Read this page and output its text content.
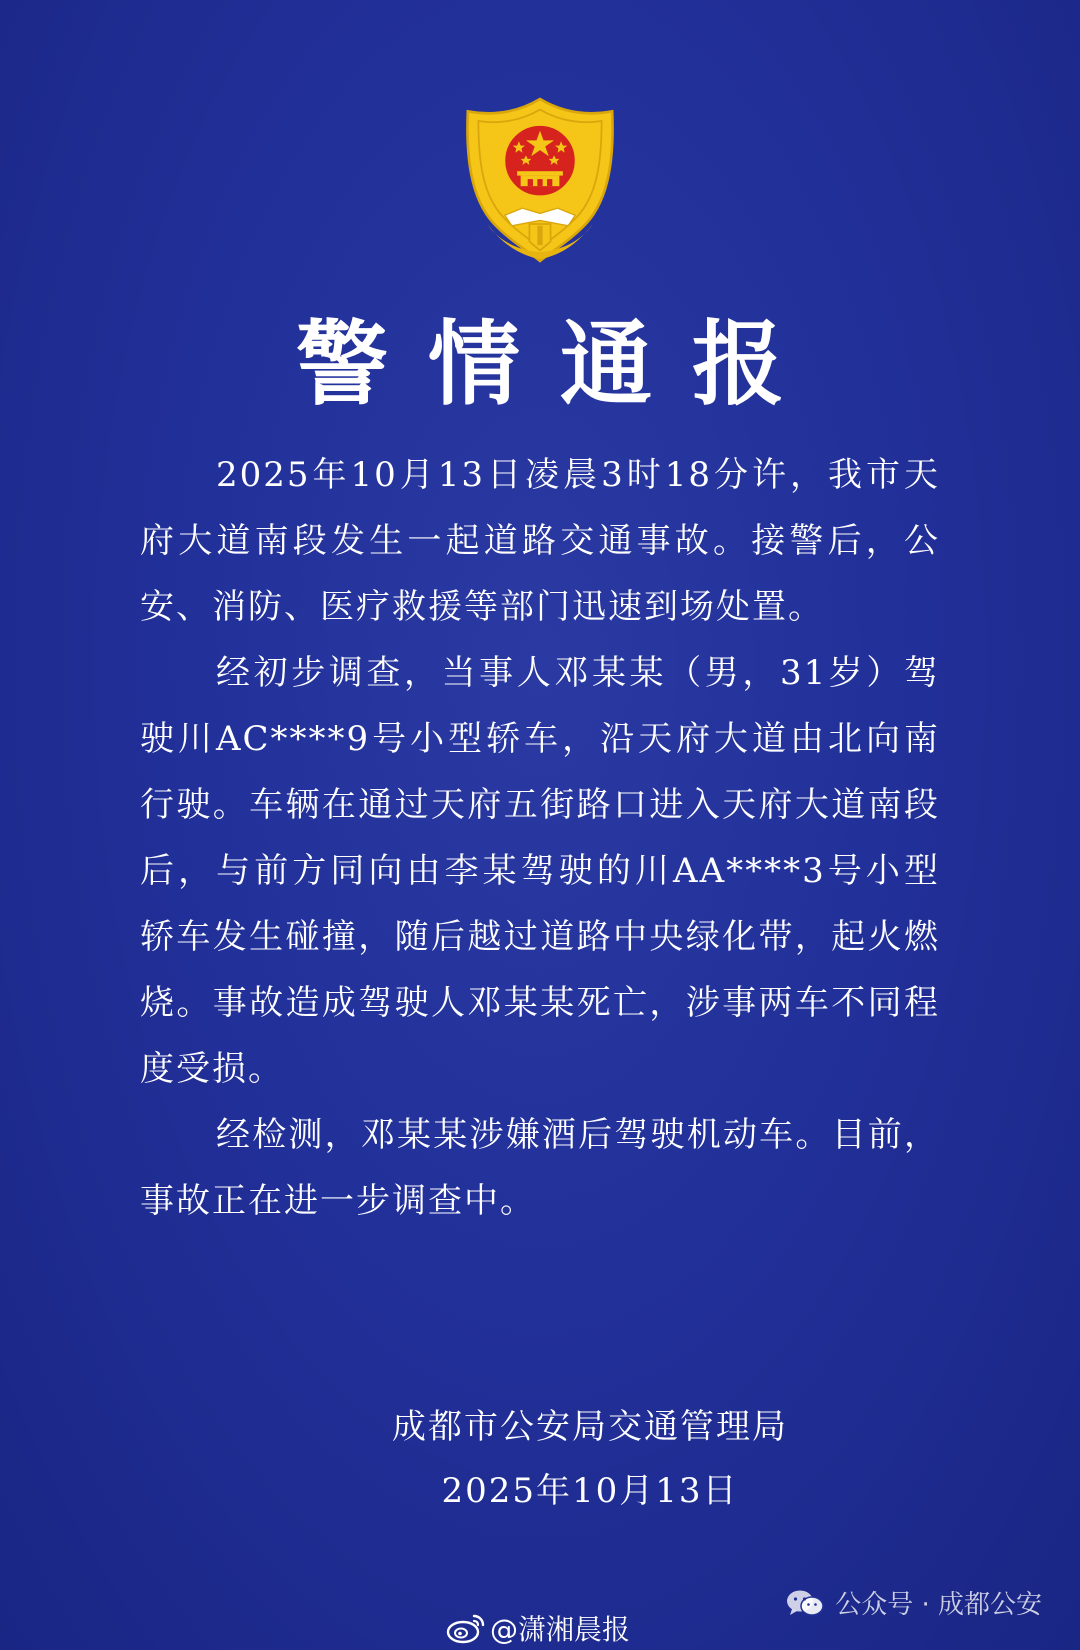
警情通报

2025年10月13日凌晨3时18分许，我市天府大道南段发生一起道路交通事故。接警后，公安、消防、医疗救援等部门迅速到场处置。

经初步调查，当事人邓某某（男，31岁）驾驶川AC****9号小型轿车，沿天府大道由北向南行驶。车辆在通过天府五街路口进入天府大道南段后，与前方同向由李某驾驶的川AA****3号小型轿车发生碰撞，随后越过道路中央绿化带，起火燃烧。事故造成驾驶人邓某某死亡，涉事两车不同程度受损。

经检测，邓某某涉嫌酒后驾驶机动车。目前，事故正在进一步调查中。

成都市公安局交通管理局
2025年10月13日
公众号 · 成都公安
@潇湘晨报
